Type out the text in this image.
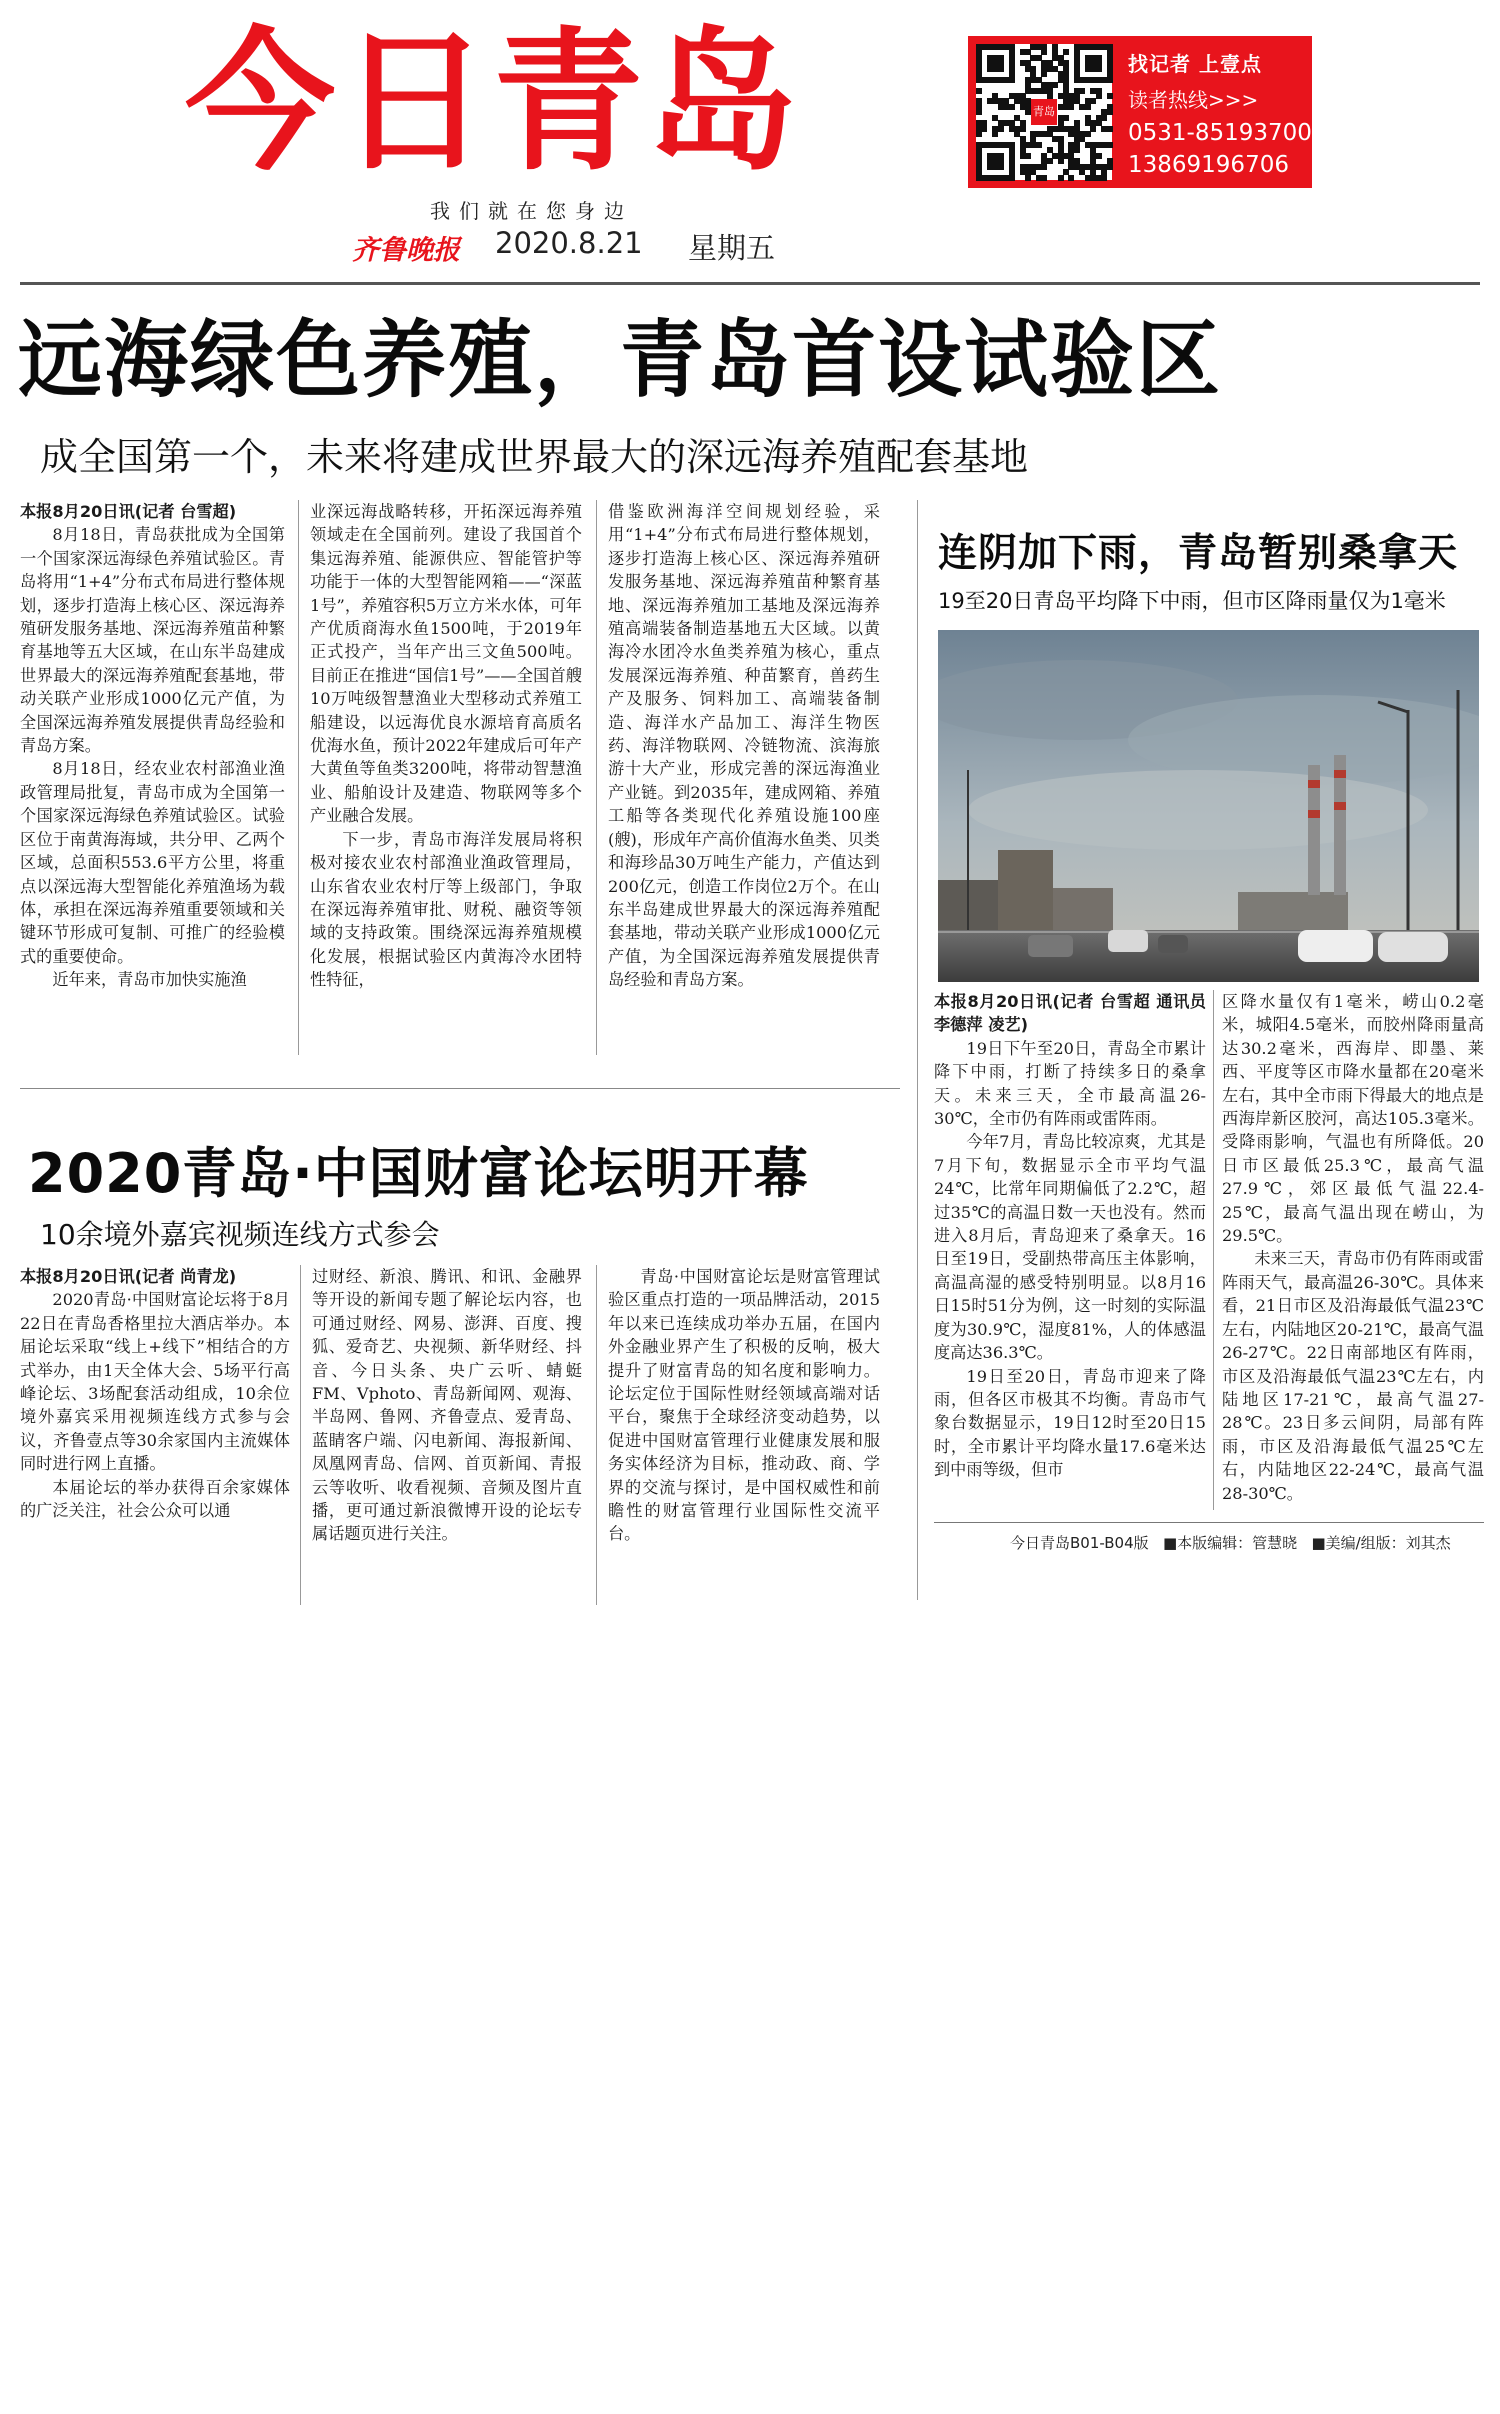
今日青岛
我们就在您身边
齐鲁晚报 2020.8.21 星期五
青岛
找记者 上壹点
读者热线>>>
0531-85193700
13869196706
远海绿色养殖，青岛首设试验区
成全国第一个，未来将建成世界最大的深远海养殖配套基地

本报8月20日讯(记者 台雪超)

8月18日，青岛获批成为全国第一个国家深远海绿色养殖试验区。青岛将用“1+4”分布式布局进行整体规划，逐步打造海上核心区、深远海养殖研发服务基地、深远海养殖苗种繁育基地等五大区域，在山东半岛建成世界最大的深远海养殖配套基地，带动关联产业形成1000亿元产值，为全国深远海养殖发展提供青岛经验和青岛方案。

8月18日，经农业农村部渔业渔政管理局批复，青岛市成为全国第一个国家深远海绿色养殖试验区。试验区位于南黄海海域，共分甲、乙两个区域，总面积553.6平方公里，将重点以深远海大型智能化养殖渔场为载体，承担在深远海养殖重要领域和关键环节形成可复制、可推广的经验模式的重要使命。

近年来，青岛市加快实施渔

业深远海战略转移，开拓深远海养殖领域走在全国前列。建设了我国首个集远海养殖、能源供应、智能管护等功能于一体的大型智能网箱——“深蓝1号”，养殖容积5万立方米水体，可年产优质商海水鱼1500吨，于2019年正式投产，当年产出三文鱼500吨。目前正在推进“国信1号”——全国首艘10万吨级智慧渔业大型移动式养殖工船建设，以远海优良水源培育高质名优海水鱼，预计2022年建成后可年产大黄鱼等鱼类3200吨，将带动智慧渔业、船舶设计及建造、物联网等多个产业融合发展。

下一步，青岛市海洋发展局将积极对接农业农村部渔业渔政管理局，山东省农业农村厅等上级部门，争取在深远海养殖审批、财税、融资等领域的支持政策。围绕深远海养殖规模化发展，根据试验区内黄海冷水团特性特征，

借鉴欧洲海洋空间规划经验，采用“1+4”分布式布局进行整体规划，逐步打造海上核心区、深远海养殖研发服务基地、深远海养殖苗种繁育基地、深远海养殖加工基地及深远海养殖高端装备制造基地五大区域。以黄海冷水团冷水鱼类养殖为核心，重点发展深远海养殖、种苗繁育，兽药生产及服务、饲料加工、高端装备制造、海洋水产品加工、海洋生物医药、海洋物联网、冷链物流、滨海旅游十大产业，形成完善的深远海渔业产业链。到2035年，建成网箱、养殖工船等各类现代化养殖设施100座(艘)，形成年产高价值海水鱼类、贝类和海珍品30万吨生产能力，产值达到200亿元，创造工作岗位2万个。在山东半岛建成世界最大的深远海养殖配套基地，带动关联产业形成1000亿元产值，为全国深远海养殖发展提供青岛经验和青岛方案。

连阴加下雨，青岛暂别桑拿天
19至20日青岛平均降下中雨，但市区降雨量仅为1毫米

本报8月20日讯(记者 台雪超 通讯员 李德萍 凌艺)

19日下午至20日，青岛全市累计降下中雨，打断了持续多日的桑拿天。未来三天，全市最高温26-30℃，全市仍有阵雨或雷阵雨。

今年7月，青岛比较凉爽，尤其是7月下旬，数据显示全市平均气温24℃，比常年同期偏低了2.2℃，超过35℃的高温日数一天也没有。然而进入8月后，青岛迎来了桑拿天。16日至19日，受副热带高压主体影响，高温高湿的感受特别明显。以8月16日15时51分为例，这一时刻的实际温度为30.9℃，湿度81%，人的体感温度高达36.3℃。

19日至20日，青岛市迎来了降雨，但各区市极其不均衡。青岛市气象台数据显示，19日12时至20日15时，全市累计平均降水量17.6毫米达到中雨等级，但市

区降水量仅有1毫米，崂山0.2毫米，城阳4.5毫米，而胶州降雨量高达30.2毫米，西海岸、即墨、莱西、平度等区市降水量都在20毫米左右，其中全市雨下得最大的地点是西海岸新区胶河，高达105.3毫米。受降雨影响，气温也有所降低。20日市区最低25.3℃，最高气温27.9℃，郊区最低气温22.4-25℃，最高气温出现在崂山，为29.5℃。

未来三天，青岛市仍有阵雨或雷阵雨天气，最高温26-30℃。具体来看，21日市区及沿海最低气温23℃左右，内陆地区20-21℃，最高气温26-27℃。22日南部地区有阵雨，市区及沿海最低气温23℃左右，内陆地区17-21℃，最高气温27-28℃。23日多云间阴，局部有阵雨，市区及沿海最低气温25℃左右，内陆地区22-24℃，最高气温28-30℃。

2020青岛·中国财富论坛明开幕
10余境外嘉宾视频连线方式参会

本报8月20日讯(记者 尚青龙)

2020青岛·中国财富论坛将于8月22日在青岛香格里拉大酒店举办。本届论坛采取“线上+线下”相结合的方式举办，由1天全体大会、5场平行高峰论坛、3场配套活动组成，10余位境外嘉宾采用视频连线方式参与会议，齐鲁壹点等30余家国内主流媒体同时进行网上直播。

本届论坛的举办获得百余家媒体的广泛关注，社会公众可以通

过财经、新浪、腾讯、和讯、金融界等开设的新闻专题了解论坛内容，也可通过财经、网易、澎湃、百度、搜狐、爱奇艺、央视频、新华财经、抖音、今日头条、央广云听、蜻蜓FM、Vphoto、青岛新闻网、观海、半岛网、鲁网、齐鲁壹点、爱青岛、蓝睛客户端、闪电新闻、海报新闻、凤凰网青岛、信网、首页新闻、青报云等收听、收看视频、音频及图片直播，更可通过新浪微博开设的论坛专属话题页进行关注。

青岛·中国财富论坛是财富管理试验区重点打造的一项品牌活动，2015年以来已连续成功举办五届，在国内外金融业界产生了积极的反响，极大提升了财富青岛的知名度和影响力。论坛定位于国际性财经领域高端对话平台，聚焦于全球经济变动趋势，以促进中国财富管理行业健康发展和服务实体经济为目标，推动政、商、学界的交流与探讨，是中国权威性和前瞻性的财富管理行业国际性交流平台。	今日青岛B01-B04版 ■本版编辑：管慧晓 ■美编/组版：刘其杰
